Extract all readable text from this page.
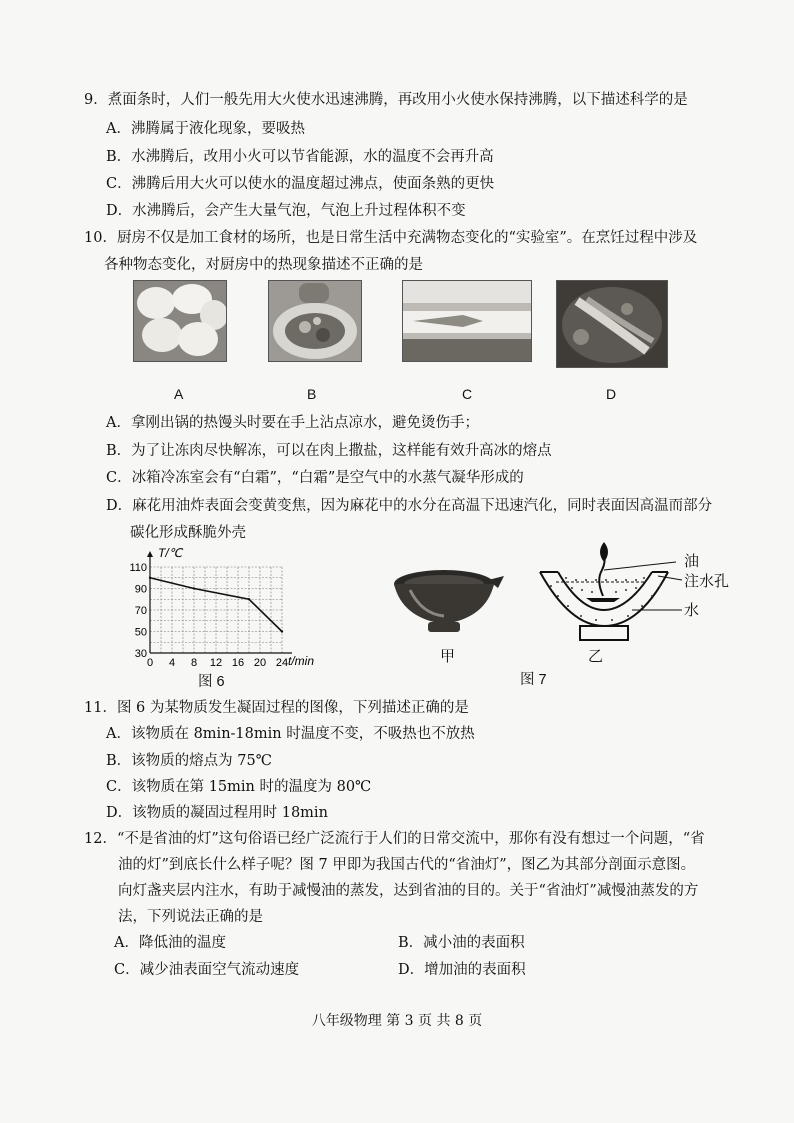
9．煮面条时，人们一般先用大火使水迅速沸腾，再改用小火使水保持沸腾，以下描述科学的是
A．沸腾属于液化现象，要吸热
B．水沸腾后，改用小火可以节省能源，水的温度不会再升高
C．沸腾后用大火可以使水的温度超过沸点，使面条熟的更快
D．水沸腾后，会产生大量气泡，气泡上升过程体积不变
10．厨房不仅是加工食材的场所，也是日常生活中充满物态变化的“实验室”。在烹饪过程中涉及
各种物态变化，对厨房中的热现象描述不正确的是
A	B	C	D
A．拿刚出锅的热馒头时要在手上沾点凉水，避免烫伤手；
B．为了让冻肉尽快解冻，可以在肉上撒盐，这样能有效升高冰的熔点
C．冰箱冷冻室会有“白霜”，“白霜”是空气中的水蒸气凝华形成的
D．麻花用油炸表面会变黄变焦，因为麻花中的水分在高温下迅速汽化，同时表面因高温而部分
碳化形成酥脆外壳
110
90
70
50
30
0 4 8 12 16 20 24
T/℃
t/min
图 6
油
注水孔
水
甲	乙
图 7
11．图 6 为某物质发生凝固过程的图像，下列描述正确的是
A．该物质在 8min-18min 时温度不变，不吸热也不放热
B．该物质的熔点为 75℃
C．该物质在第 15min 时的温度为 80℃
D．该物质的凝固过程用时 18min
12．“不是省油的灯”这句俗语已经广泛流行于人们的日常交流中，那你有没有想过一个问题，“省
油的灯”到底长什么样子呢？图 7 甲即为我国古代的“省油灯”，图乙为其部分剖面示意图。
向灯盏夹层内注水，有助于减慢油的蒸发，达到省油的目的。关于“省油灯”减慢油蒸发的方
法，下列说法正确的是
A．降低油的温度	B．减小油的表面积
C．减少油表面空气流动速度	D．增加油的表面积
八年级物理 第 3 页 共 8 页
